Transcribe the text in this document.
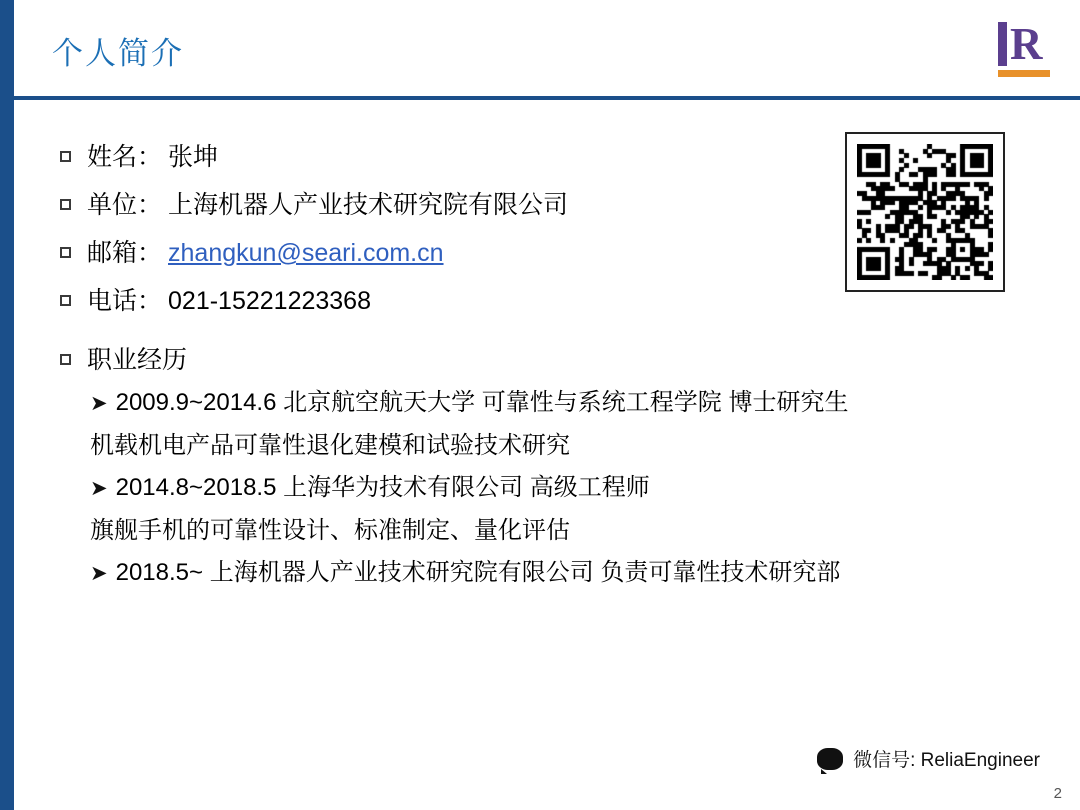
个人简介	R
姓名： 张坤
单位： 上海机器人产业技术研究院有限公司
邮箱： zhangkun@seari.com.cn
电话： 021-15221223368
职业经历
➤ 2009.9~2014.6 北京航空航天大学 可靠性与系统工程学院 博士研究生
机载机电产品可靠性退化建模和试验技术研究
➤ 2014.8~2018.5 上海华为技术有限公司 高级工程师
旗舰手机的可靠性设计、标准制定、量化评估
➤ 2018.5~ 上海机器人产业技术研究院有限公司 负责可靠性技术研究部
微信号: ReliaEngineer
2
